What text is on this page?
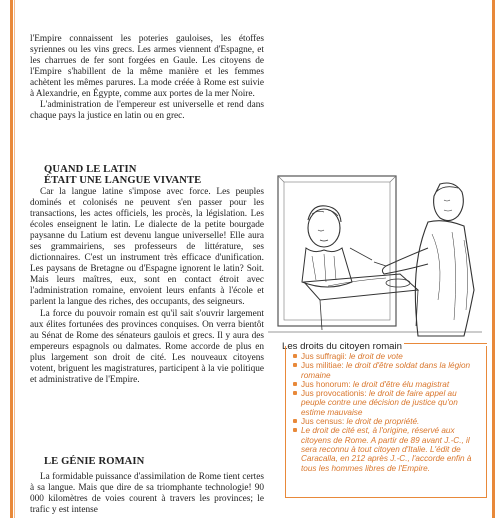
l'Empire connaissent les poteries gauloises, les étoffes syriennes ou les vins grecs. Les armes viennent d'Espagne, et les charrues de fer sont forgées en Gaule. Les citoyens de l'Empire s'habillent de la même manière et les femmes achètent les mêmes parures. La mode créée à Rome est suivie à Alexandrie, en Égypte, comme aux portes de la mer Noire.

L'administration de l'empereur est universelle et rend dans chaque pays la justice en latin ou en grec.

QUAND LE LATIN
ÉTAIT UNE LANGUE VIVANTE

Car la langue latine s'impose avec force. Les peuples dominés et colonisés ne peuvent s'en passer pour les transactions, les actes officiels, les procès, la législation. Les écoles enseignent le latin. Le dialecte de la petite bourgade paysanne du Latium est devenu langue universelle! Elle aura ses grammairiens, ses professeurs de littérature, ses dictionnaires. C'est un instrument très efficace d'unification. Les paysans de Bretagne ou d'Espagne ignorent le latin? Soit. Mais leurs maîtres, eux, sont en contact étroit avec l'administration romaine, envoient leurs enfants à l'école et parlent la langue des riches, des occupants, des seigneurs.

La force du pouvoir romain est qu'il sait s'ouvrir largement aux élites fortunées des provinces conquises. On verra bientôt au Sénat de Rome des sénateurs gaulois et grecs. Il y aura des empereurs espagnols ou dalmates. Rome accorde de plus en plus largement son droit de cité. Les nouveaux citoyens votent, briguent les magistratures, participent à la vie politique et administrative de l'Empire.

LE GÉNIE ROMAIN

La formidable puissance d'assimilation de Rome tient certes à sa langue. Mais que dire de sa triomphante technologie! 90 000 kilomètres de voies courent à travers les provinces; le trafic y est intense

Les droits du citoyen romain
Jus suffragii: le droit de vote
Jus militiae: le droit d'être soldat dans la légion romaine
Jus honorum: le droit d'être élu magistrat
Jus provocationis: le droit de faire appel au peuple contre une décision de justice qu'on estime mauvaise
Jus census: le droit de propriété.
Le droit de cité est, à l'origine, réservé aux citoyens de Rome. A partir de 89 avant J.-C., il sera reconnu à tout citoyen d'Italie. L'édit de Caracalla, en 212 après J.-C., l'accorde enfin à tous les hommes libres de l'Empire.
